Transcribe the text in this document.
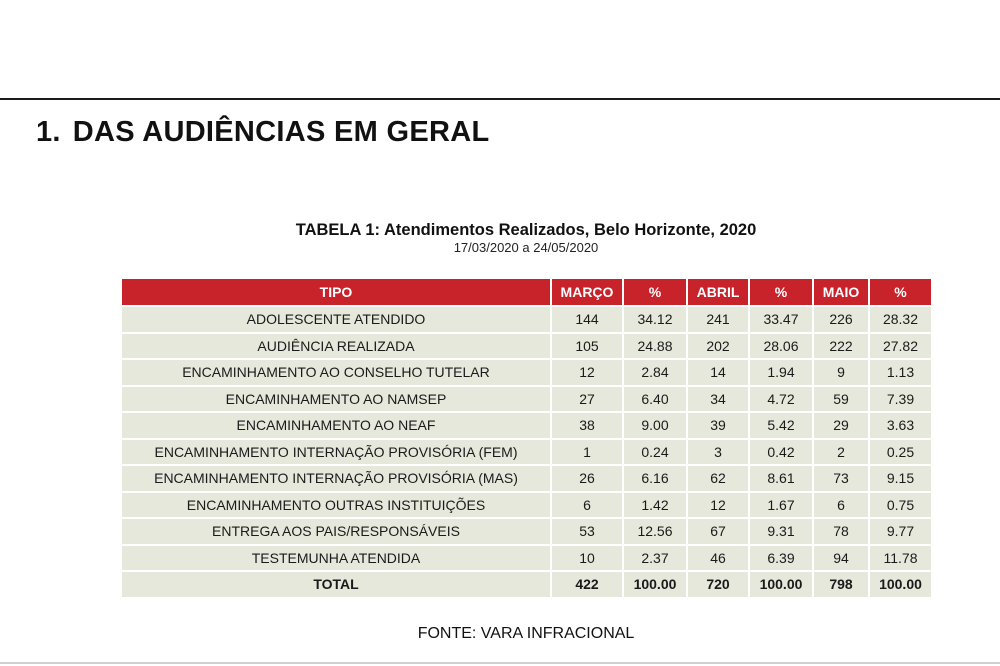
1. DAS AUDIÊNCIAS EM GERAL
TABELA 1: Atendimentos Realizados, Belo Horizonte, 2020
17/03/2020 a 24/05/2020
TIPO	MARÇO	%	ABRIL	%	MAIO	%
ADOLESCENTE ATENDIDO	144	34.12	241	33.47	226	28.32
AUDIÊNCIA REALIZADA	105	24.88	202	28.06	222	27.82
ENCAMINHAMENTO AO CONSELHO TUTELAR	12	2.84	14	1.94	9	1.13
ENCAMINHAMENTO AO NAMSEP	27	6.40	34	4.72	59	7.39
ENCAMINHAMENTO AO NEAF	38	9.00	39	5.42	29	3.63
ENCAMINHAMENTO INTERNAÇÃO PROVISÓRIA (FEM)	1	0.24	3	0.42	2	0.25
ENCAMINHAMENTO INTERNAÇÃO PROVISÓRIA (MAS)	26	6.16	62	8.61	73	9.15
ENCAMINHAMENTO OUTRAS INSTITUIÇÕES	6	1.42	12	1.67	6	0.75
ENTREGA AOS PAIS/RESPONSÁVEIS	53	12.56	67	9.31	78	9.77
TESTEMUNHA ATENDIDA	10	2.37	46	6.39	94	11.78
TOTAL	422	100.00	720	100.00	798	100.00
FONTE: VARA INFRACIONAL
